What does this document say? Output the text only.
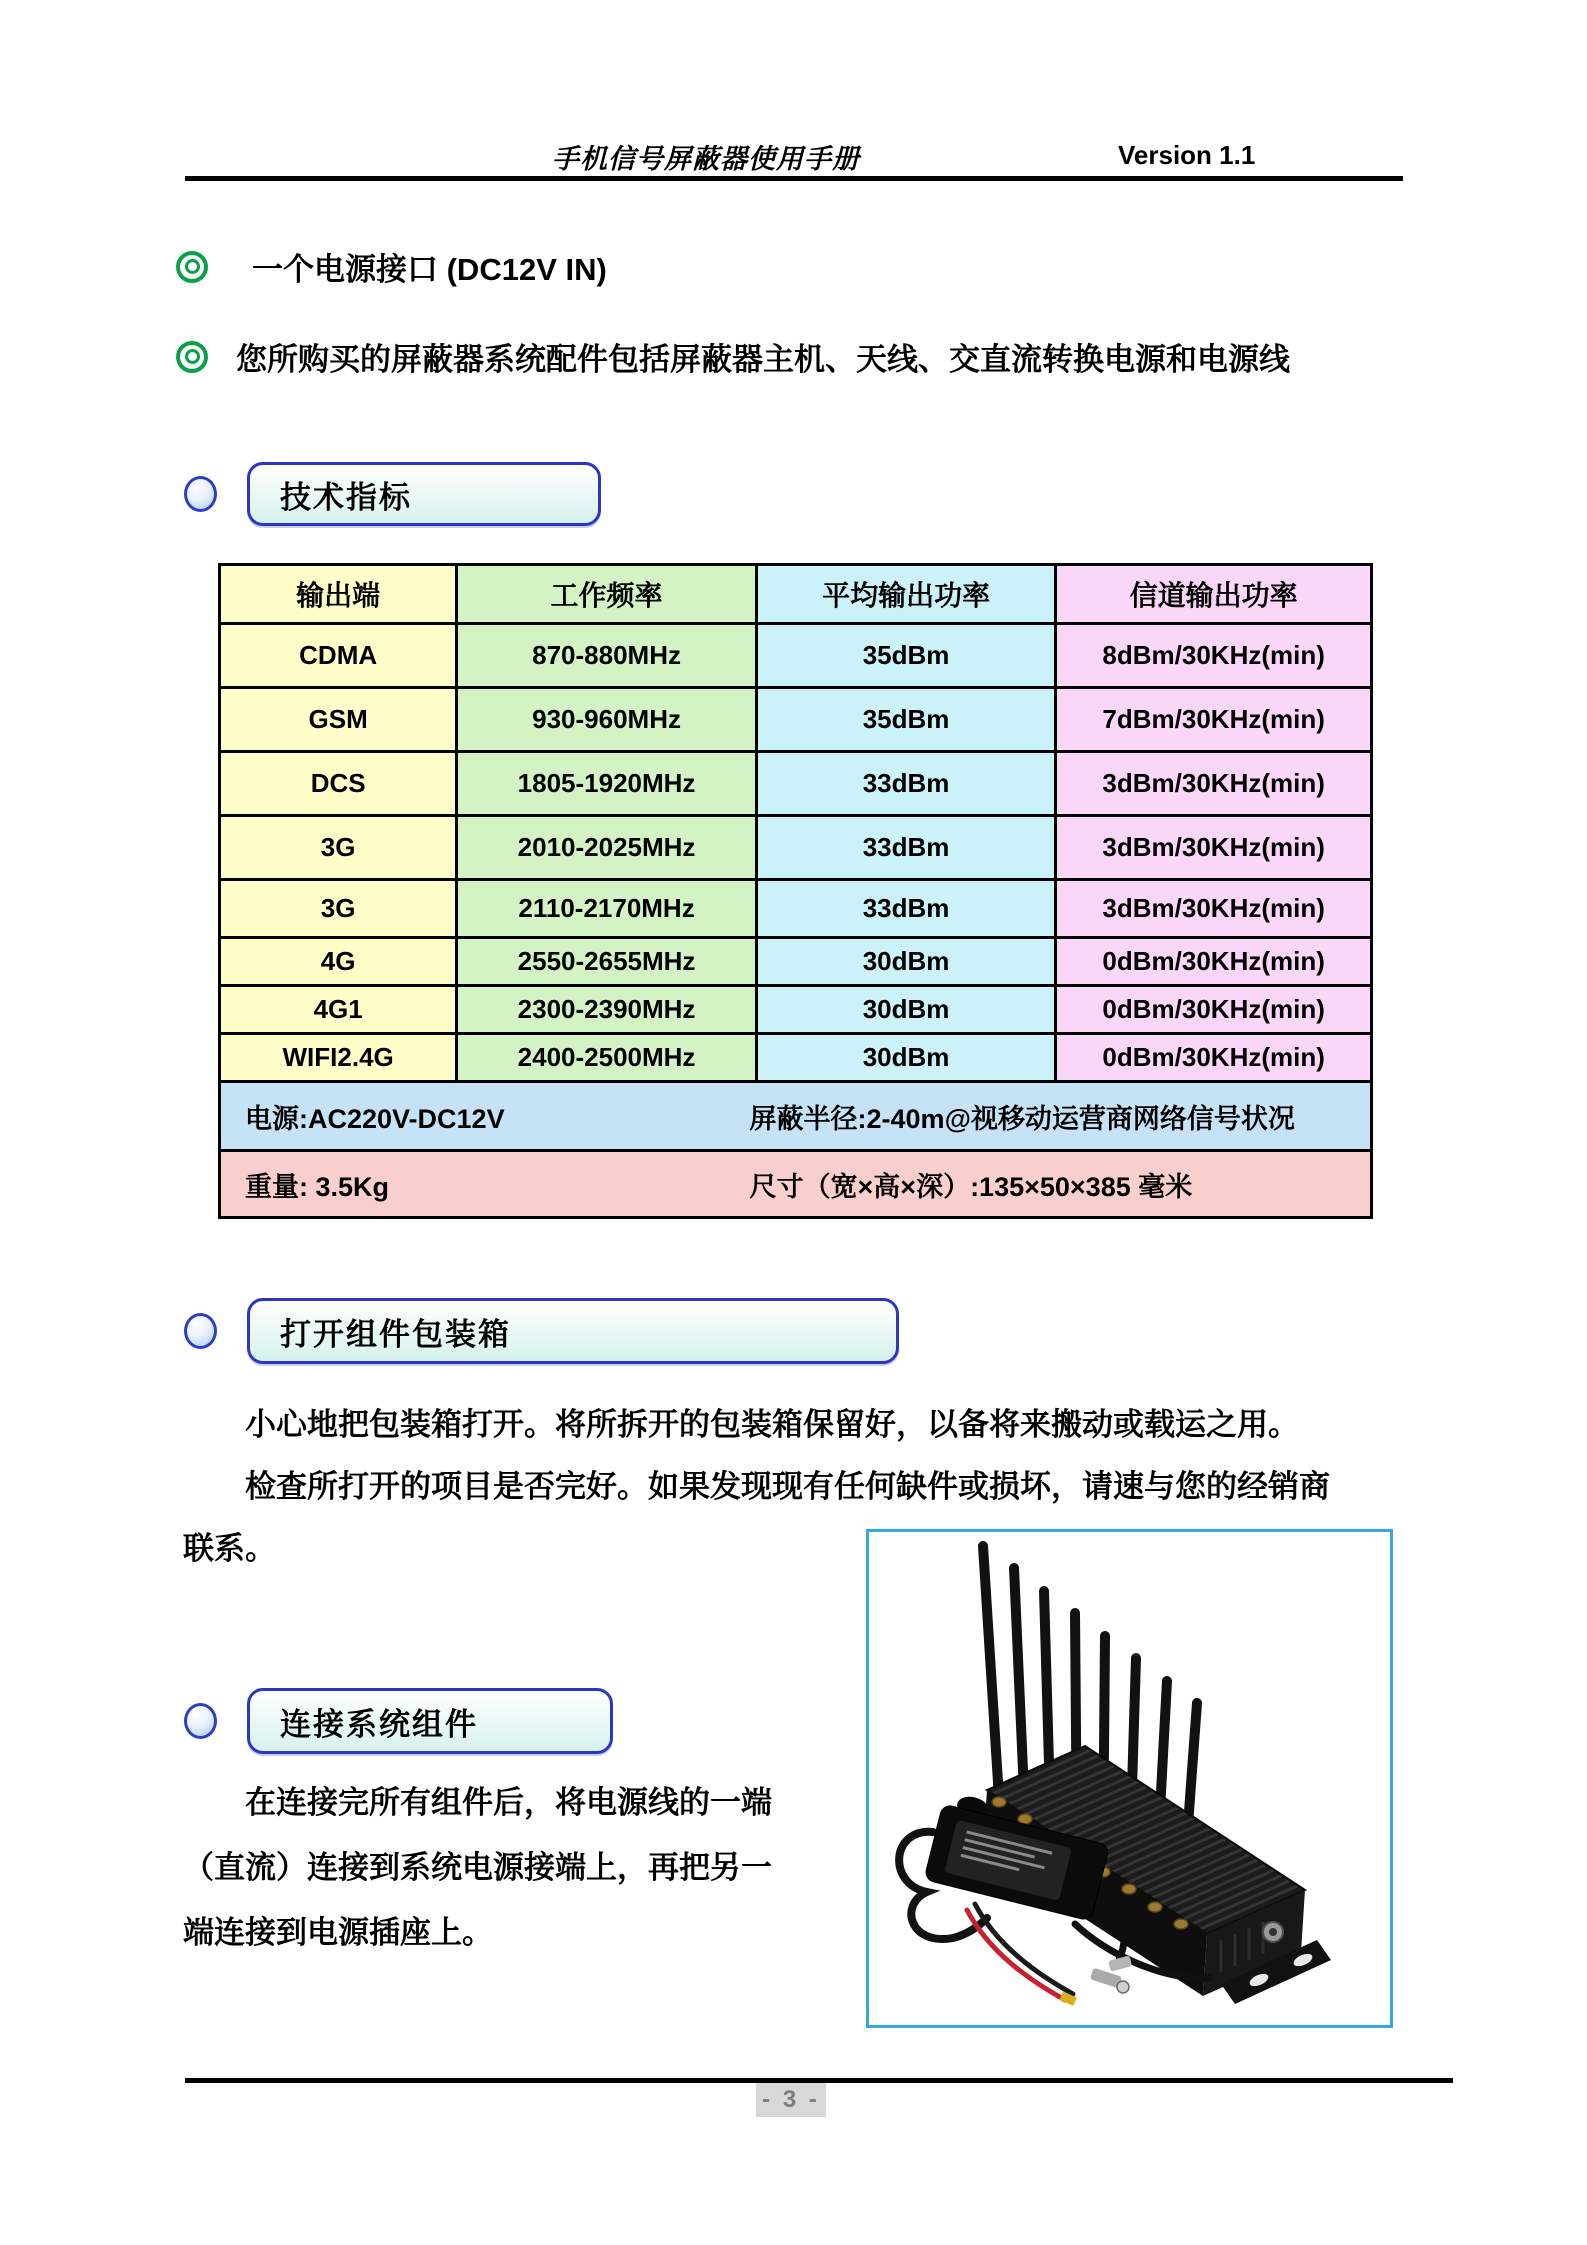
手机信号屏蔽器使用手册	Version 1.1
一个电源接口 (DC12V IN)
您所购买的屏蔽器系统配件包括屏蔽器主机、天线、交直流转换电源和电源线
技术指标
输出端	工作频率	平均输出功率	信道输出功率
CDMA	870-880MHz	35dBm	8dBm/30KHz(min)
GSM	930-960MHz	35dBm	7dBm/30KHz(min)
DCS	1805-1920MHz	33dBm	3dBm/30KHz(min)
3G	2010-2025MHz	33dBm	3dBm/30KHz(min)
3G	2110-2170MHz	33dBm	3dBm/30KHz(min)
4G	2550-2655MHz	30dBm	0dBm/30KHz(min)
4G1	2300-2390MHz	30dBm	0dBm/30KHz(min)
WIFI2.4G	2400-2500MHz	30dBm	0dBm/30KHz(min)
电源:AC220V-DC12V 屏蔽半径:2-40m@视移动运营商网络信号状况			
重量: 3.5Kg 尺寸（宽×高×深）:135×50×385 毫米			
打开组件包装箱

小心地把包装箱打开。将所拆开的包装箱保留好，以备将来搬动或载运之用。

检查所打开的项目是否完好。如果发现现有任何缺件或损坏，请速与您的经销商联系。

连接系统组件

在连接完所有组件后，将电源线的一端（直流）连接到系统电源接端上，再把另一端连接到电源插座上。

- 3 -
